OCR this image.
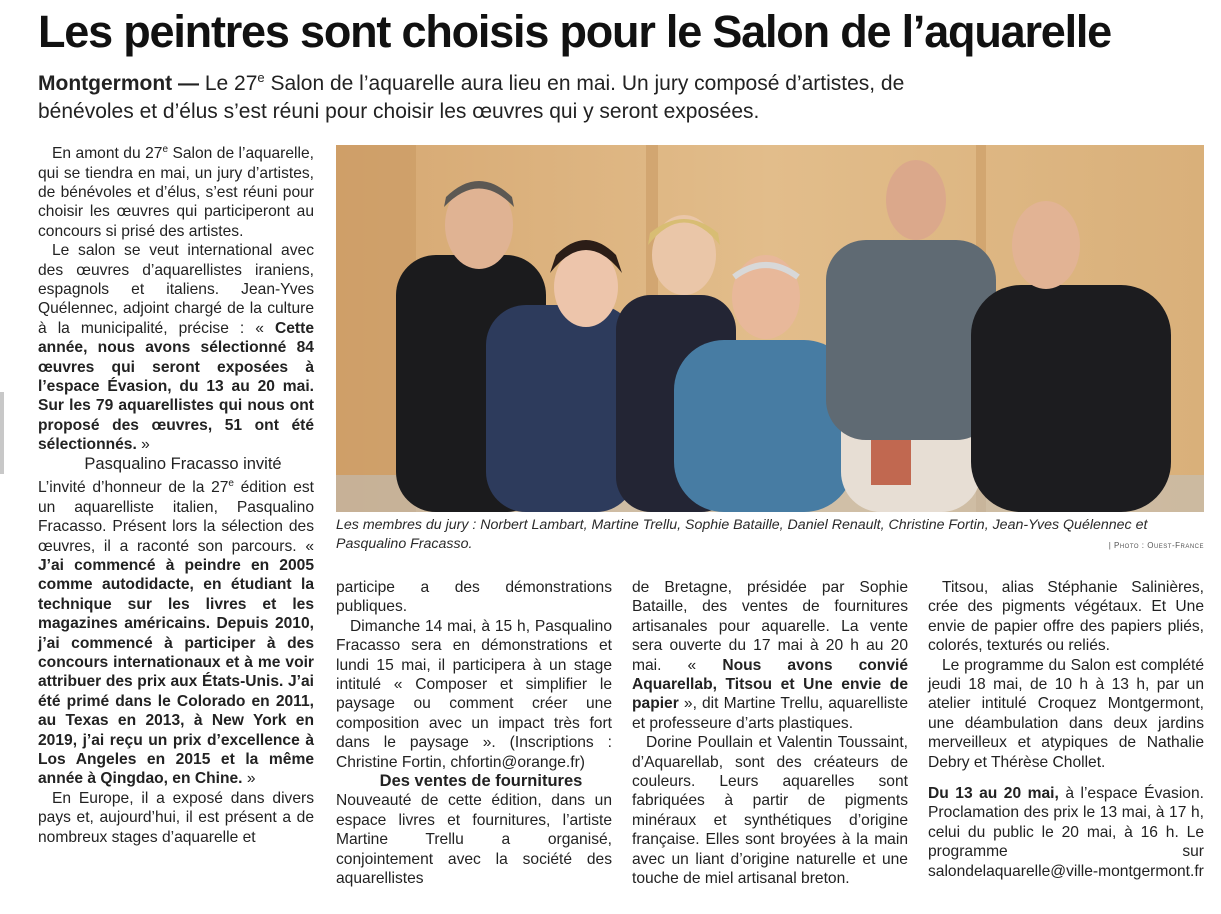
Les peintres sont choisis pour le Salon de l’aquarelle
Montgermont — Le 27e Salon de l’aquarelle aura lieu en mai. Un jury composé d’artistes, de bénévoles et d’élus s’est réuni pour choisir les œuvres qui y seront exposées.

En amont du 27e Salon de l’aquarelle, qui se tiendra en mai, un jury d’artistes, de bénévoles et d’élus, s’est réuni pour choisir les œuvres qui participeront au concours si prisé des artistes.

Le salon se veut international avec des œuvres d’aquarellistes iraniens, espagnols et italiens. Jean-Yves Quélennec, adjoint chargé de la culture à la municipalité, précise : « Cette année, nous avons sélectionné 84 œuvres qui seront exposées à l’espace Évasion, du 13 au 20 mai. Sur les 79 aquarellistes qui nous ont proposé des œuvres, 51 ont été sélectionnés. »

Pasqualino Fracasso invité

L’invité d’honneur de la 27e édition est un aquarelliste italien, Pasqualino Fracasso. Présent lors la sélection des œuvres, il a raconté son parcours. « J’ai commencé à peindre en 2005 comme autodidacte, en étudiant la technique sur les livres et les magazines américains. Depuis 2010, j’ai commencé à participer à des concours internationaux et à me voir attribuer des prix aux États-Unis. J’ai été primé dans le Colorado en 2011, au Texas en 2013, à New York en 2019, j’ai reçu un prix d’excellence à Los Angeles en 2015 et la même année à Qingdao, en Chine. »

En Europe, il a exposé dans divers pays et, aujourd’hui, il est présent a de nombreux stages d’aquarelle et

Les membres du jury : Norbert Lambart, Martine Trellu, Sophie Bataille, Daniel Renault, Christine Fortin, Jean-Yves Quélennec et Pasqualino Fracasso.	| Photo : Ouest-France

participe a des démonstrations publiques.

Dimanche 14 mai, à 15 h, Pasqualino Fracasso sera en démonstrations et lundi 15 mai, il participera à un stage intitulé « Composer et simplifier le paysage ou comment créer une composition avec un impact très fort dans le paysage ». (Inscriptions : Christine Fortin, chfortin@orange.fr)

Des ventes de fournitures

Nouveauté de cette édition, dans un espace livres et fournitures, l’artiste Martine Trellu a organisé, conjointement avec la société des aquarellistes

de Bretagne, présidée par Sophie Bataille, des ventes de fournitures artisanales pour aquarelle. La vente sera ouverte du 17 mai à 20 h au 20 mai. « Nous avons convié Aquarellab, Titsou et Une envie de papier », dit Martine Trellu, aquarelliste et professeure d’arts plastiques.

Dorine Poullain et Valentin Toussaint, d’Aquarellab, sont des créateurs de couleurs. Leurs aquarelles sont fabriquées à partir de pigments minéraux et synthétiques d’origine française. Elles sont broyées à la main avec un liant d’origine naturelle et une touche de miel artisanal breton.

Titsou, alias Stéphanie Salinières, crée des pigments végétaux. Et Une envie de papier offre des papiers pliés, colorés, texturés ou reliés.

Le programme du Salon est complété jeudi 18 mai, de 10 h à 13 h, par un atelier intitulé Croquez Montgermont, une déambulation dans deux jardins merveilleux et atypiques de Nathalie Debry et Thérèse Chollet.

Du 13 au 20 mai, à l’espace Évasion. Proclamation des prix le 13 mai, à 17 h, celui du public le 20 mai, à 16 h. Le programme sur salondelaquarelle@ville-montgermont.fr
